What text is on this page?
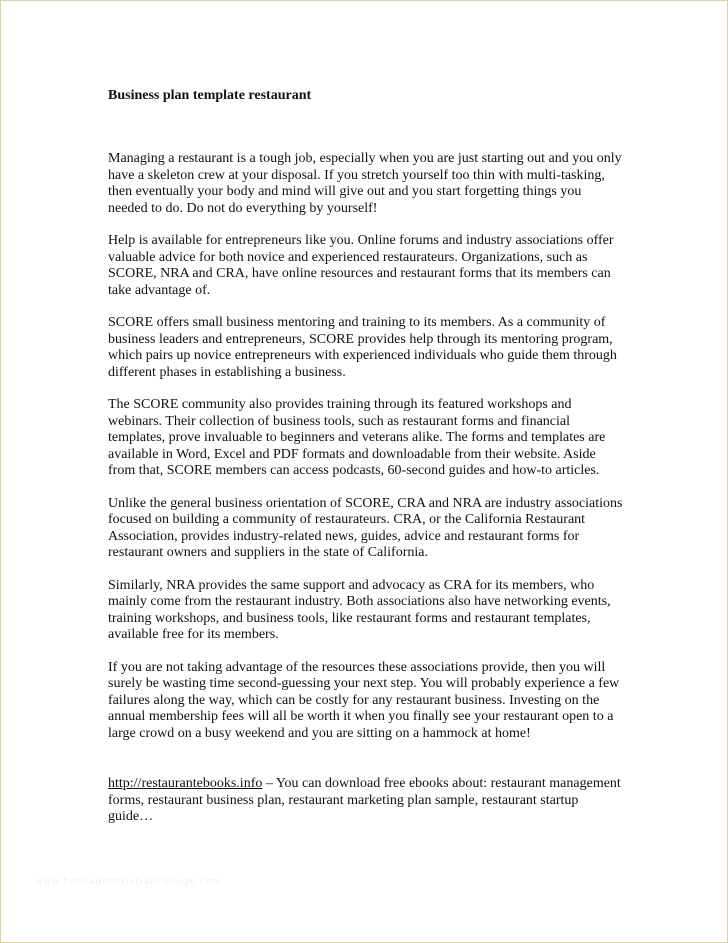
Business plan template restaurant

Managing a restaurant is a tough job, especially when you are just starting out and you only have a skeleton crew at your disposal. If you stretch yourself too thin with multi-tasking, then eventually your body and mind will give out and you start forgetting things you needed to do. Do not do everything by yourself!

Help is available for entrepreneurs like you. Online forums and industry associations offer valuable advice for both novice and experienced restaurateurs. Organizations, such as SCORE, NRA and CRA, have online resources and restaurant forms that its members can take advantage of.

SCORE offers small business mentoring and training to its members. As a community of business leaders and entrepreneurs, SCORE provides help through its mentoring program, which pairs up novice entrepreneurs with experienced individuals who guide them through different phases in establishing a business.

The SCORE community also provides training through its featured workshops and webinars. Their collection of business tools, such as restaurant forms and financial templates, prove invaluable to beginners and veterans alike. The forms and templates are available in Word, Excel and PDF formats and downloadable from their website. Aside from that, SCORE members can access podcasts, 60-second guides and how-to articles.

Unlike the general business orientation of SCORE, CRA and NRA are industry associations focused on building a community of restaurateurs. CRA, or the California Restaurant Association, provides industry-related news, guides, advice and restaurant forms for restaurant owners and suppliers in the state of California.

Similarly, NRA provides the same support and advocacy as CRA for its members, who mainly come from the restaurant industry. Both associations also have networking events, training workshops, and business tools, like restaurant forms and restaurant templates, available free for its members.

If you are not taking advantage of the resources these associations provide, then you will surely be wasting time second-guessing your next step. You will probably experience a few failures along the way, which can be costly for any restaurant business. Investing on the annual membership fees will all be worth it when you finally see your restaurant open to a large crowd on a busy weekend and you are sitting on a hammock at home!

http://restaurantebooks.info – You can download free ebooks about: restaurant management forms, restaurant business plan, restaurant marketing plan sample, restaurant startup guide…

www.heritagechristiancollege.com
